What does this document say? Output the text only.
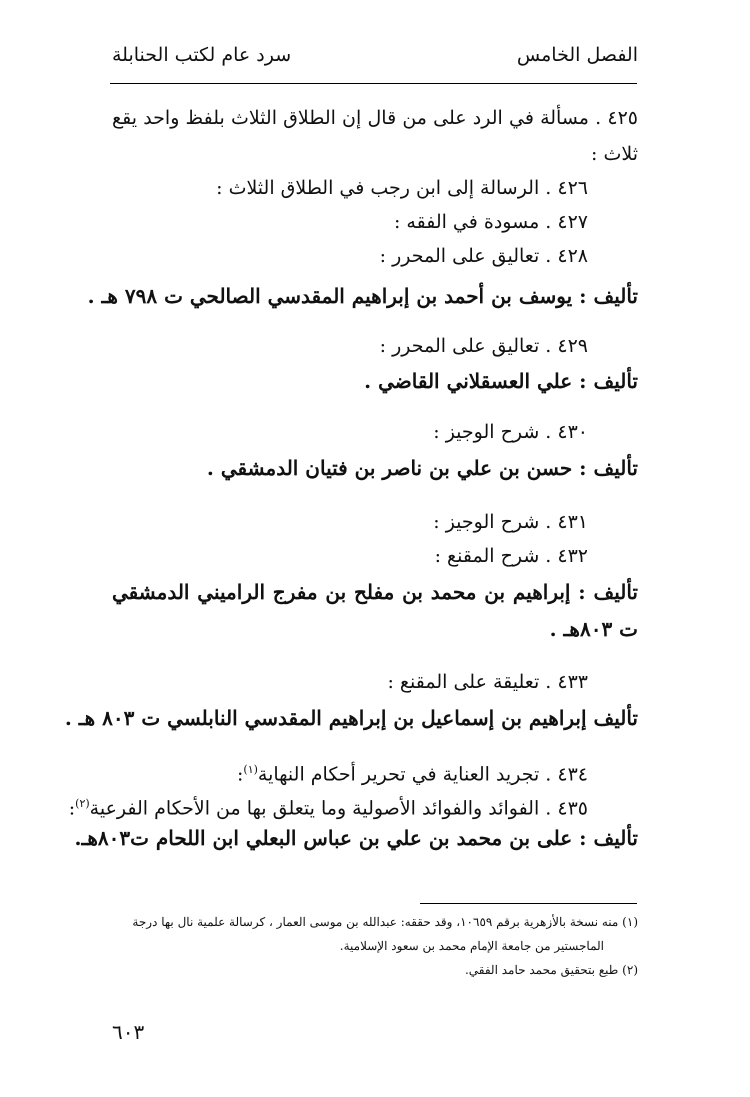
الفصل الخامس
سرد عام لكتب الحنابلة
٤٢٥ . مسألة في الرد على من قال إن الطلاق الثلاث بلفظ واحد يقع
ثلاث :
٤٢٦ . الرسالة إلى ابن رجب في الطلاق الثلاث :
٤٢٧ . مسودة في الفقه :
٤٢٨ . تعاليق على المحرر :
تأليف : يوسف بن أحمد بن إبراهيم المقدسي الصالحي ت ٧٩٨ هـ .
٤٢٩ . تعاليق على المحرر :
تأليف : علي العسقلاني القاضي .
٤٣٠ . شرح الوجيز :
تأليف : حسن بن علي بن ناصر بن فتيان الدمشقي .
٤٣١ . شرح الوجيز :
٤٣٢ . شرح المقنع :
تأليف : إبراهيم بن محمد بن مفلح بن مفرج الراميني الدمشقي
ت ٨٠٣هـ .
٤٣٣ . تعليقة على المقنع :
تأليف إبراهيم بن إسماعيل بن إبراهيم المقدسي النابلسي ت ٨٠٣ هـ .
٤٣٤ . تجريد العناية في تحرير أحكام النهاية$^{(١)}$:
٤٣٥ . الفوائد والفوائد الأصولية وما يتعلق بها من الأحكام الفرعية$^{(٢)}$:
تأليف : على بن محمد بن علي بن عباس البعلي ابن اللحام ت٨٠٣هـ.
(١) منه نسخة بالأزهرية برقم ١٠٦٥٩، وقد حققه: عبدالله بن موسى العمار ، كرسالة علمية نال بها درجة
الماجستير من جامعة الإمام محمد بن سعود الإسلامية.
(٢) طبع بتحقيق محمد حامد الفقي.
٦٠٣
